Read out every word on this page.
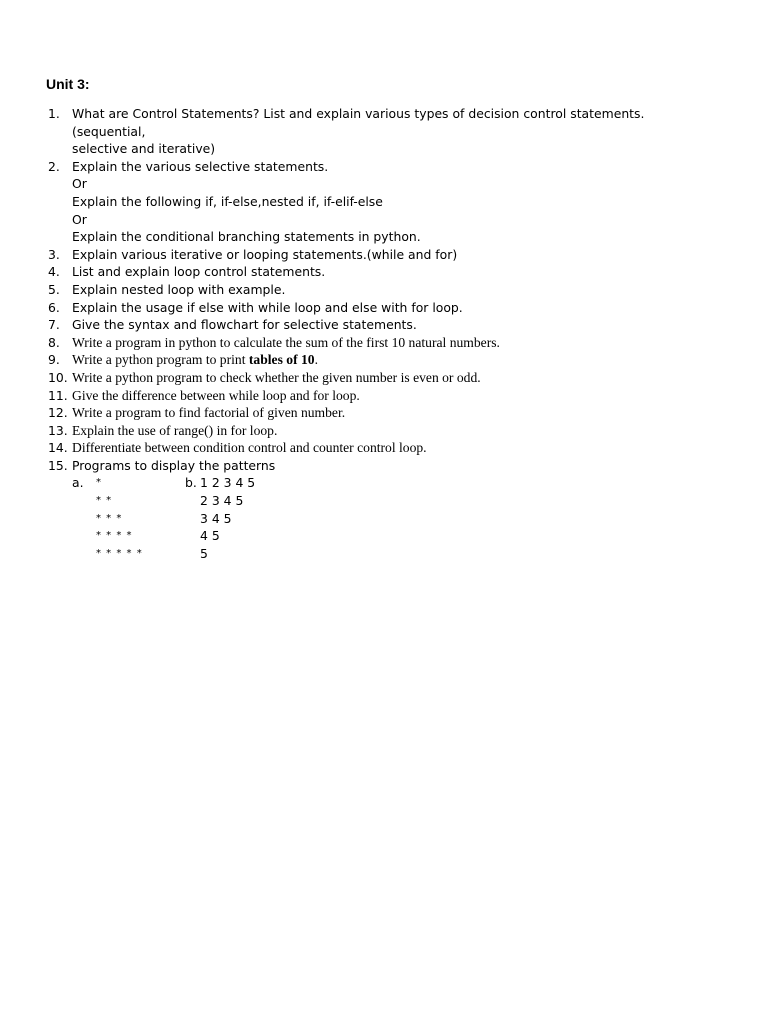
Unit 3:
1. What are Control Statements? List and explain various types of decision control statements. (sequential,
selective and iterative)
2. Explain the various selective statements.
Or
Explain the following if, if-else,nested if, if-elif-else
Or
Explain the conditional branching statements in python.
3. Explain various iterative or looping statements.(while and for)
4. List and explain loop control statements.
5. Explain nested loop with example.
6. Explain the usage if else with while loop and else with for loop.
7. Give the syntax and flowchart for selective statements.
8. Write a program in python to calculate the sum of the first 10 natural numbers.
9. Write a python program to print tables of 10.
10. Write a python program to check whether the given number is even or odd.
11. Give the difference between while loop and for loop.
12. Write a program to find factorial of given number.
13. Explain the use of range() in for loop.
14. Differentiate between condition control and counter control loop.
15. Programs to display the patterns
a. *	b. 1 2 3 4 5
* *	2 3 4 5
* * *	3 4 5
* * * *	4 5
* * * * *	5
